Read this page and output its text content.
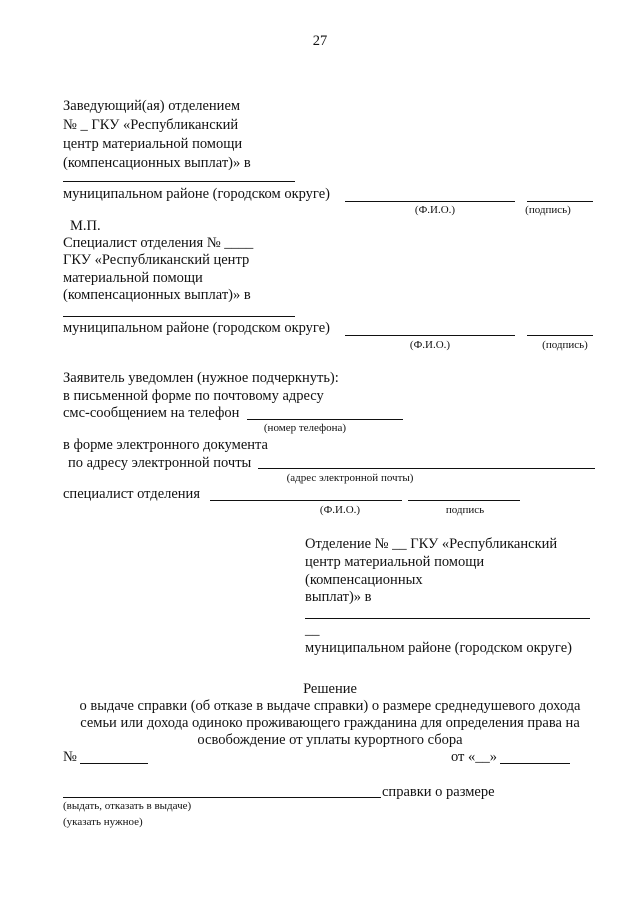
27
Заведующий(ая) отделением
№ _ ГКУ «Республиканский
центр материальной помощи
(компенсационных выплат)» в
муниципальном районе (городском округе)
(Ф.И.О.)	(подпись)
М.П.
Специалист отделения № ____
ГКУ «Республиканский центр
материальной помощи
(компенсационных выплат)» в
муниципальном районе (городском округе)
(Ф.И.О.)	(подпись)
Заявитель уведомлен (нужное подчеркнуть):
в письменной форме по почтовому адресу
смс-сообщением на телефон
(номер телефона)
в форме электронного документа
по адресу электронной почты
(адрес электронной почты)
специалист отделения
(Ф.И.О.)	подпись
Отделение № __ ГКУ «Республиканский
центр материальной помощи
(компенсационных
выплат)» в
__
муниципальном районе (городском округе)
Решение
о выдаче справки (об отказе в выдаче справки) о размере среднедушевого дохода
семьи или дохода одиноко проживающего гражданина для определения права на
освобождение от уплаты курортного сбора
№	от «__»
справки о размере
(выдать, отказать в выдаче)
(указать нужное)
